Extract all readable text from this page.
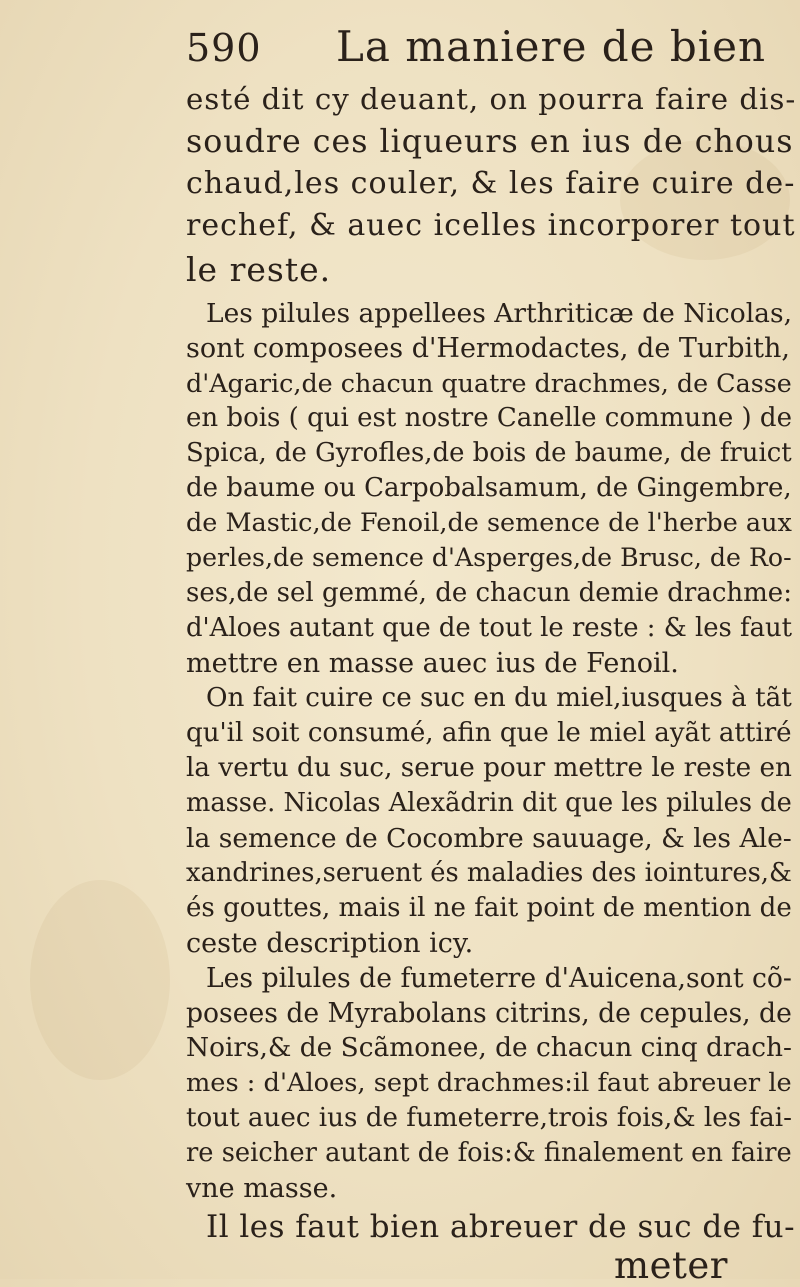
590 La maniere de bien
esté dit cy deuant, on pourra faire dis-
soudre ces liqueurs en ius de chous
chaud,les couler, & les faire cuire de-
rechef, & auec icelles incorporer tout
le reste.
Les pilules appellees Arthriticæ de Nicolas,
sont composees d'Hermodactes, de Turbith,
d'Agaric,de chacun quatre drachmes, de Casse
en bois ( qui est nostre Canelle commune ) de
Spica, de Gyrofles,de bois de baume, de fruict
de baume ou Carpobalsamum, de Gingembre,
de Mastic,de Fenoil,de semence de l'herbe aux
perles,de semence d'Asperges,de Brusc, de Ro-
ses,de sel gemmé, de chacun demie drachme:
d'Aloes autant que de tout le reste : & les faut
mettre en masse auec ius de Fenoil.
On fait cuire ce suc en du miel,iusques à tãt
qu'il soit consumé, afin que le miel ayãt attiré
la vertu du suc, serue pour mettre le reste en
masse. Nicolas Alexãdrin dit que les pilules de
la semence de Cocombre sauuage, & les Ale-
xandrines,seruent és maladies des iointures,&
és gouttes, mais il ne fait point de mention de
ceste description icy.
Les pilules de fumeterre d'Auicena,sont cõ-
posees de Myrabolans citrins, de cepules, de
Noirs,& de Scãmonee, de chacun cinq drach-
mes : d'Aloes, sept drachmes:il faut abreuer le
tout auec ius de fumeterre,trois fois,& les fai-
re seicher autant de fois:& finalement en faire
vne masse.
Il les faut bien abreuer de suc de fu-
meter
